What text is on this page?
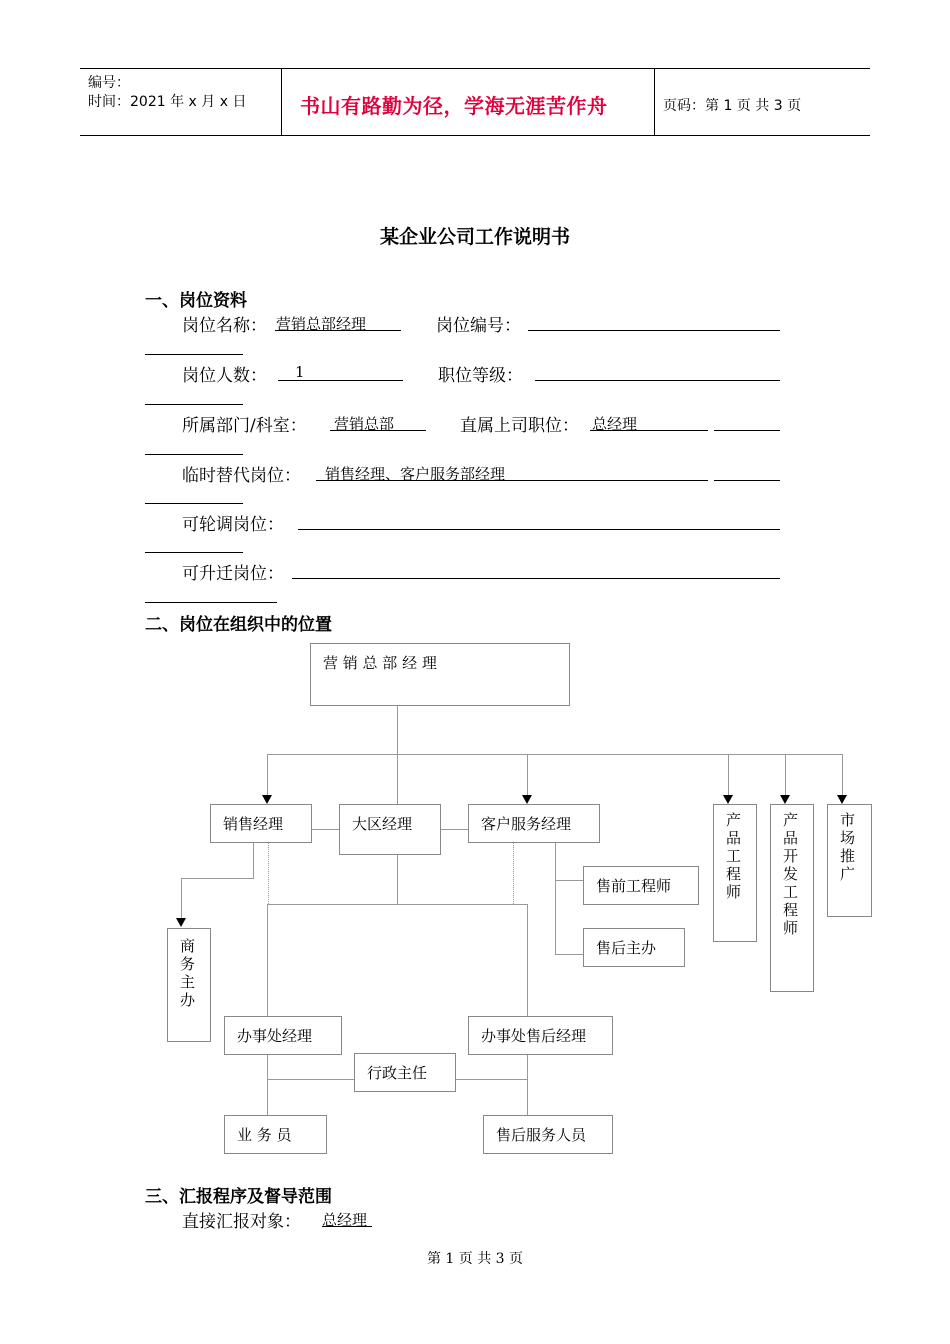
编号：
时间：2021 年 x 月 x 日	书山有路勤为径，学海无涯苦作舟	页码：第 1 页 共 3 页
某企业公司工作说明书
一、岗位资料
岗位名称： 营销总部经理	岗位编号：
岗位人数： 1	职位等级：
所属部门/科室： 营销总部	直属上司职位： 总经理
临时替代岗位： 销售经理、客户服务部经理
可轮调岗位：
可升迁岗位：
二、岗位在组织中的位置
营 销 总 部 经 理
销售经理	大区经理	客户服务经理	产品工程师
产品开发工程师
市场推广
售前工程师
售后主办
商务主办
办事处经理	办事处售后经理
行政主任
业 务 员	售后服务人员
三、汇报程序及督导范围
直接汇报对象： 总经理
第 1 页 共 3 页
